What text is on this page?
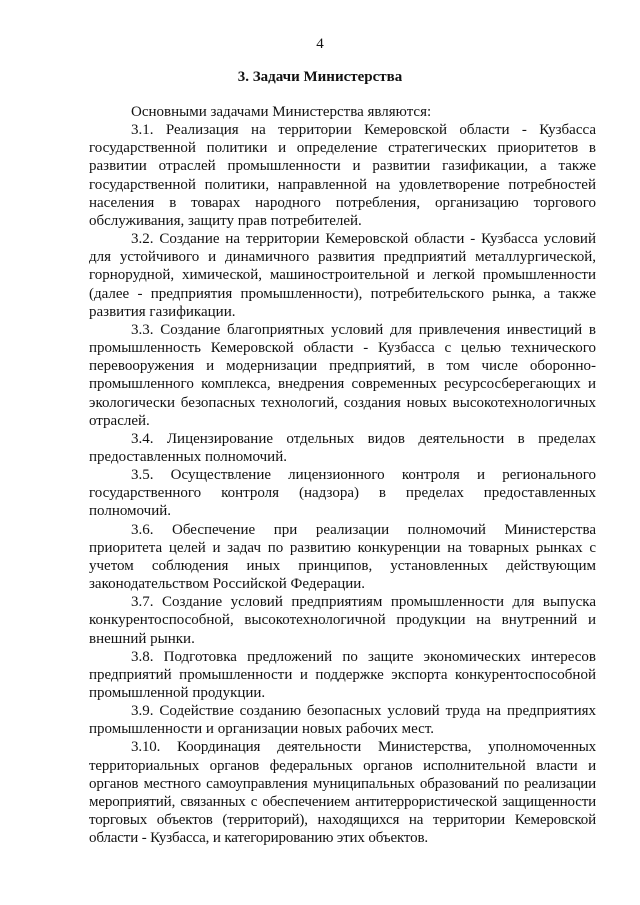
4
3. Задачи Министерства

Основными задачами Министерства являются:

3.1. Реализация на территории Кемеровской области - Кузбасса государственной политики и определение стратегических приоритетов в развитии отраслей промышленности и развитии газификации, а также государственной политики, направленной на удовлетворение потребностей населения в товарах народного потребления, организацию торгового обслуживания, защиту прав потребителей.

3.2. Создание на территории Кемеровской области - Кузбасса условий для устойчивого и динамичного развития предприятий металлургической, горнорудной, химической, машиностроительной и легкой промышленности (далее - предприятия промышленности), потребительского рынка, а также развития газификации.

3.3. Создание благоприятных условий для привлечения инвестиций в промышленность Кемеровской области - Кузбасса с целью технического перевооружения и модернизации предприятий, в том числе оборонно-промышленного комплекса, внедрения современных ресурсосберегающих и экологически безопасных технологий, создания новых высокотехнологичных отраслей.

3.4. Лицензирование отдельных видов деятельности в пределах предоставленных полномочий.

3.5. Осуществление лицензионного контроля и регионального государственного контроля (надзора) в пределах предоставленных полномочий.

3.6. Обеспечение при реализации полномочий Министерства приоритета целей и задач по развитию конкуренции на товарных рынках с учетом соблюдения иных принципов, установленных действующим законодательством Российской Федерации.

3.7. Создание условий предприятиям промышленности для выпуска конкурентоспособной, высокотехнологичной продукции на внутренний и внешний рынки.

3.8. Подготовка предложений по защите экономических интересов предприятий промышленности и поддержке экспорта конкурентоспособной промышленной продукции.

3.9. Содействие созданию безопасных условий труда на предприятиях промышленности и организации новых рабочих мест.

3.10. Координация деятельности Министерства, уполномоченных территориальных органов федеральных органов исполнительной власти и органов местного самоуправления муниципальных образований по реализации мероприятий, связанных с обеспечением антитеррористической защищенности торговых объектов (территорий), находящихся на территории Кемеровской области - Кузбасса, и категорированию этих объектов.
